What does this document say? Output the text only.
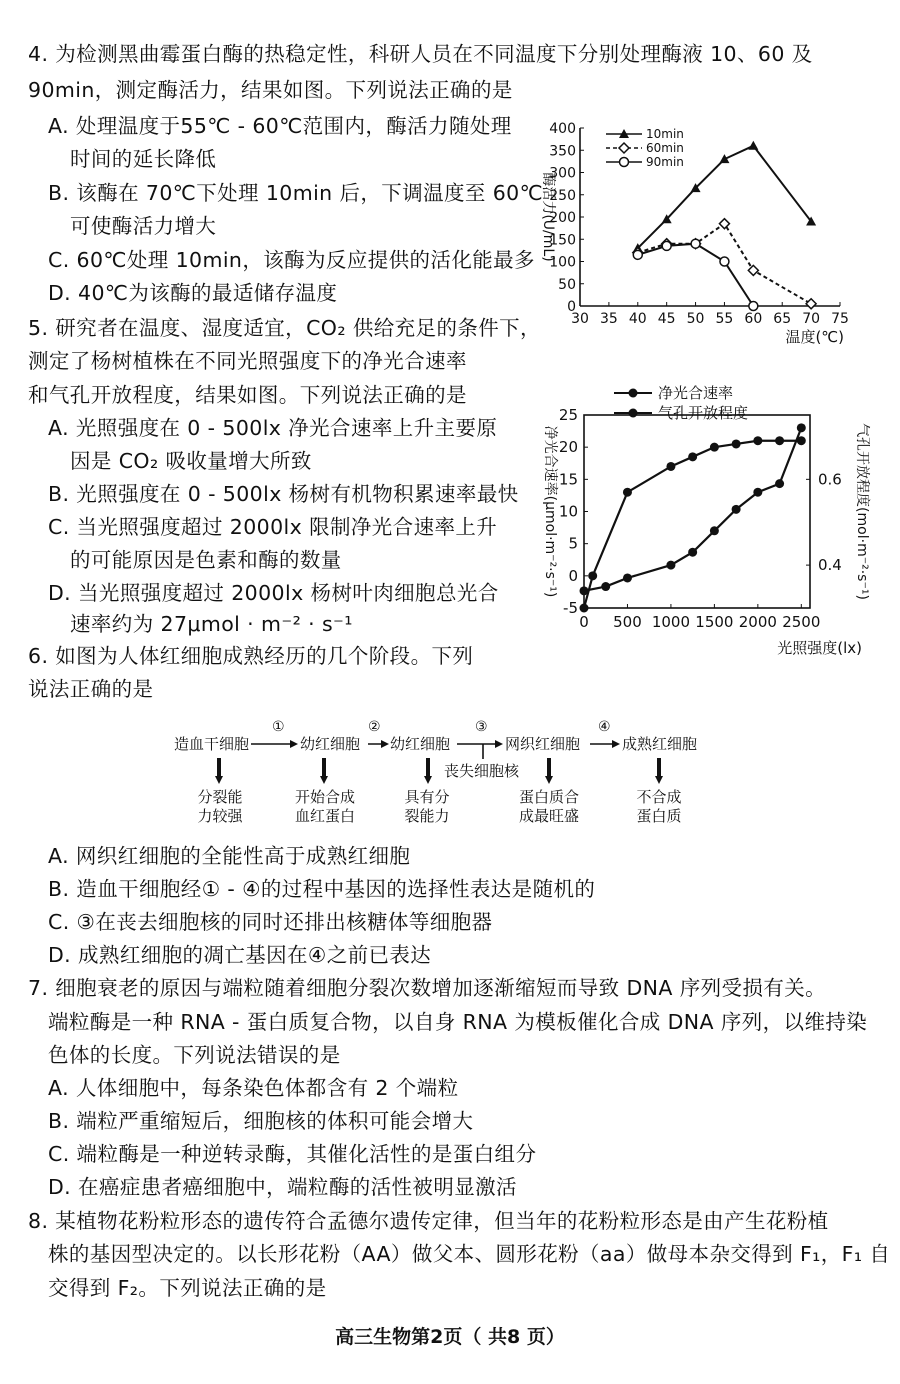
4. 为检测黑曲霉蛋白酶的热稳定性，科研人员在不同温度下分别处理酶液 10、60 及
90min，测定酶活力，结果如图。下列说法正确的是
A. 处理温度于55℃ - 60℃范围内，酶活力随处理
时间的延长降低
B. 该酶在 70℃下处理 10min 后，下调温度至 60℃
可使酶活力增大
C. 60℃处理 10min，该酶为反应提供的活化能最多
D. 40℃为该酶的最适储存温度
0
50
100
150
200
250
300
350
400
30 35 40 45 50 55 60 65 70 75
温度(℃)
酶活力(U/mL)
10min
60min
90min
5. 研究者在温度、湿度适宜，CO₂ 供给充足的条件下，
测定了杨树植株在不同光照强度下的净光合速率
和气孔开放程度，结果如图。下列说法正确的是
A. 光照强度在 0 - 500lx 净光合速率上升主要原
因是 CO₂ 吸收量增大所致
B. 光照强度在 0 - 500lx 杨树有机物积累速率最快
C. 当光照强度超过 2000lx 限制净光合速率上升
的可能原因是色素和酶的数量
D. 当光照强度超过 2000lx 杨树叶肉细胞总光合
速率约为 27μmol · m⁻² · s⁻¹
-5
0
5
10
15
20
25
0.4
0.6
0 500 1000 1500 2000 2500
光照强度(lx)
净光合速率(μmol·m⁻²·s⁻¹)	气孔开放程度(mol·m⁻²·s⁻¹)
净光合速率
气孔开放程度
6. 如图为人体红细胞成熟经历的几个阶段。下列
说法正确的是
造血干细胞	幼红细胞 幼红细胞	网织红细胞	成熟红细胞
①	②	③	④
丧失细胞核
分裂能
力较强
开始合成
血红蛋白
具有分
裂能力
蛋白质合
成最旺盛
不合成
蛋白质
A. 网织红细胞的全能性高于成熟红细胞
B. 造血干细胞经① - ④的过程中基因的选择性表达是随机的
C. ③在丧去细胞核的同时还排出核糖体等细胞器
D. 成熟红细胞的凋亡基因在④之前已表达
7. 细胞衰老的原因与端粒随着细胞分裂次数增加逐渐缩短而导致 DNA 序列受损有关。
端粒酶是一种 RNA - 蛋白质复合物，以自身 RNA 为模板催化合成 DNA 序列，以维持染
色体的长度。下列说法错误的是
A. 人体细胞中，每条染色体都含有 2 个端粒
B. 端粒严重缩短后，细胞核的体积可能会增大
C. 端粒酶是一种逆转录酶，其催化活性的是蛋白组分
D. 在癌症患者癌细胞中，端粒酶的活性被明显激活
8. 某植物花粉粒形态的遗传符合孟德尔遗传定律，但当年的花粉粒形态是由产生花粉植
株的基因型决定的。以长形花粉（AA）做父本、圆形花粉（aa）做母本杂交得到 F₁，F₁ 自
交得到 F₂。下列说法正确的是
高三生物第2页（ 共8 页）
